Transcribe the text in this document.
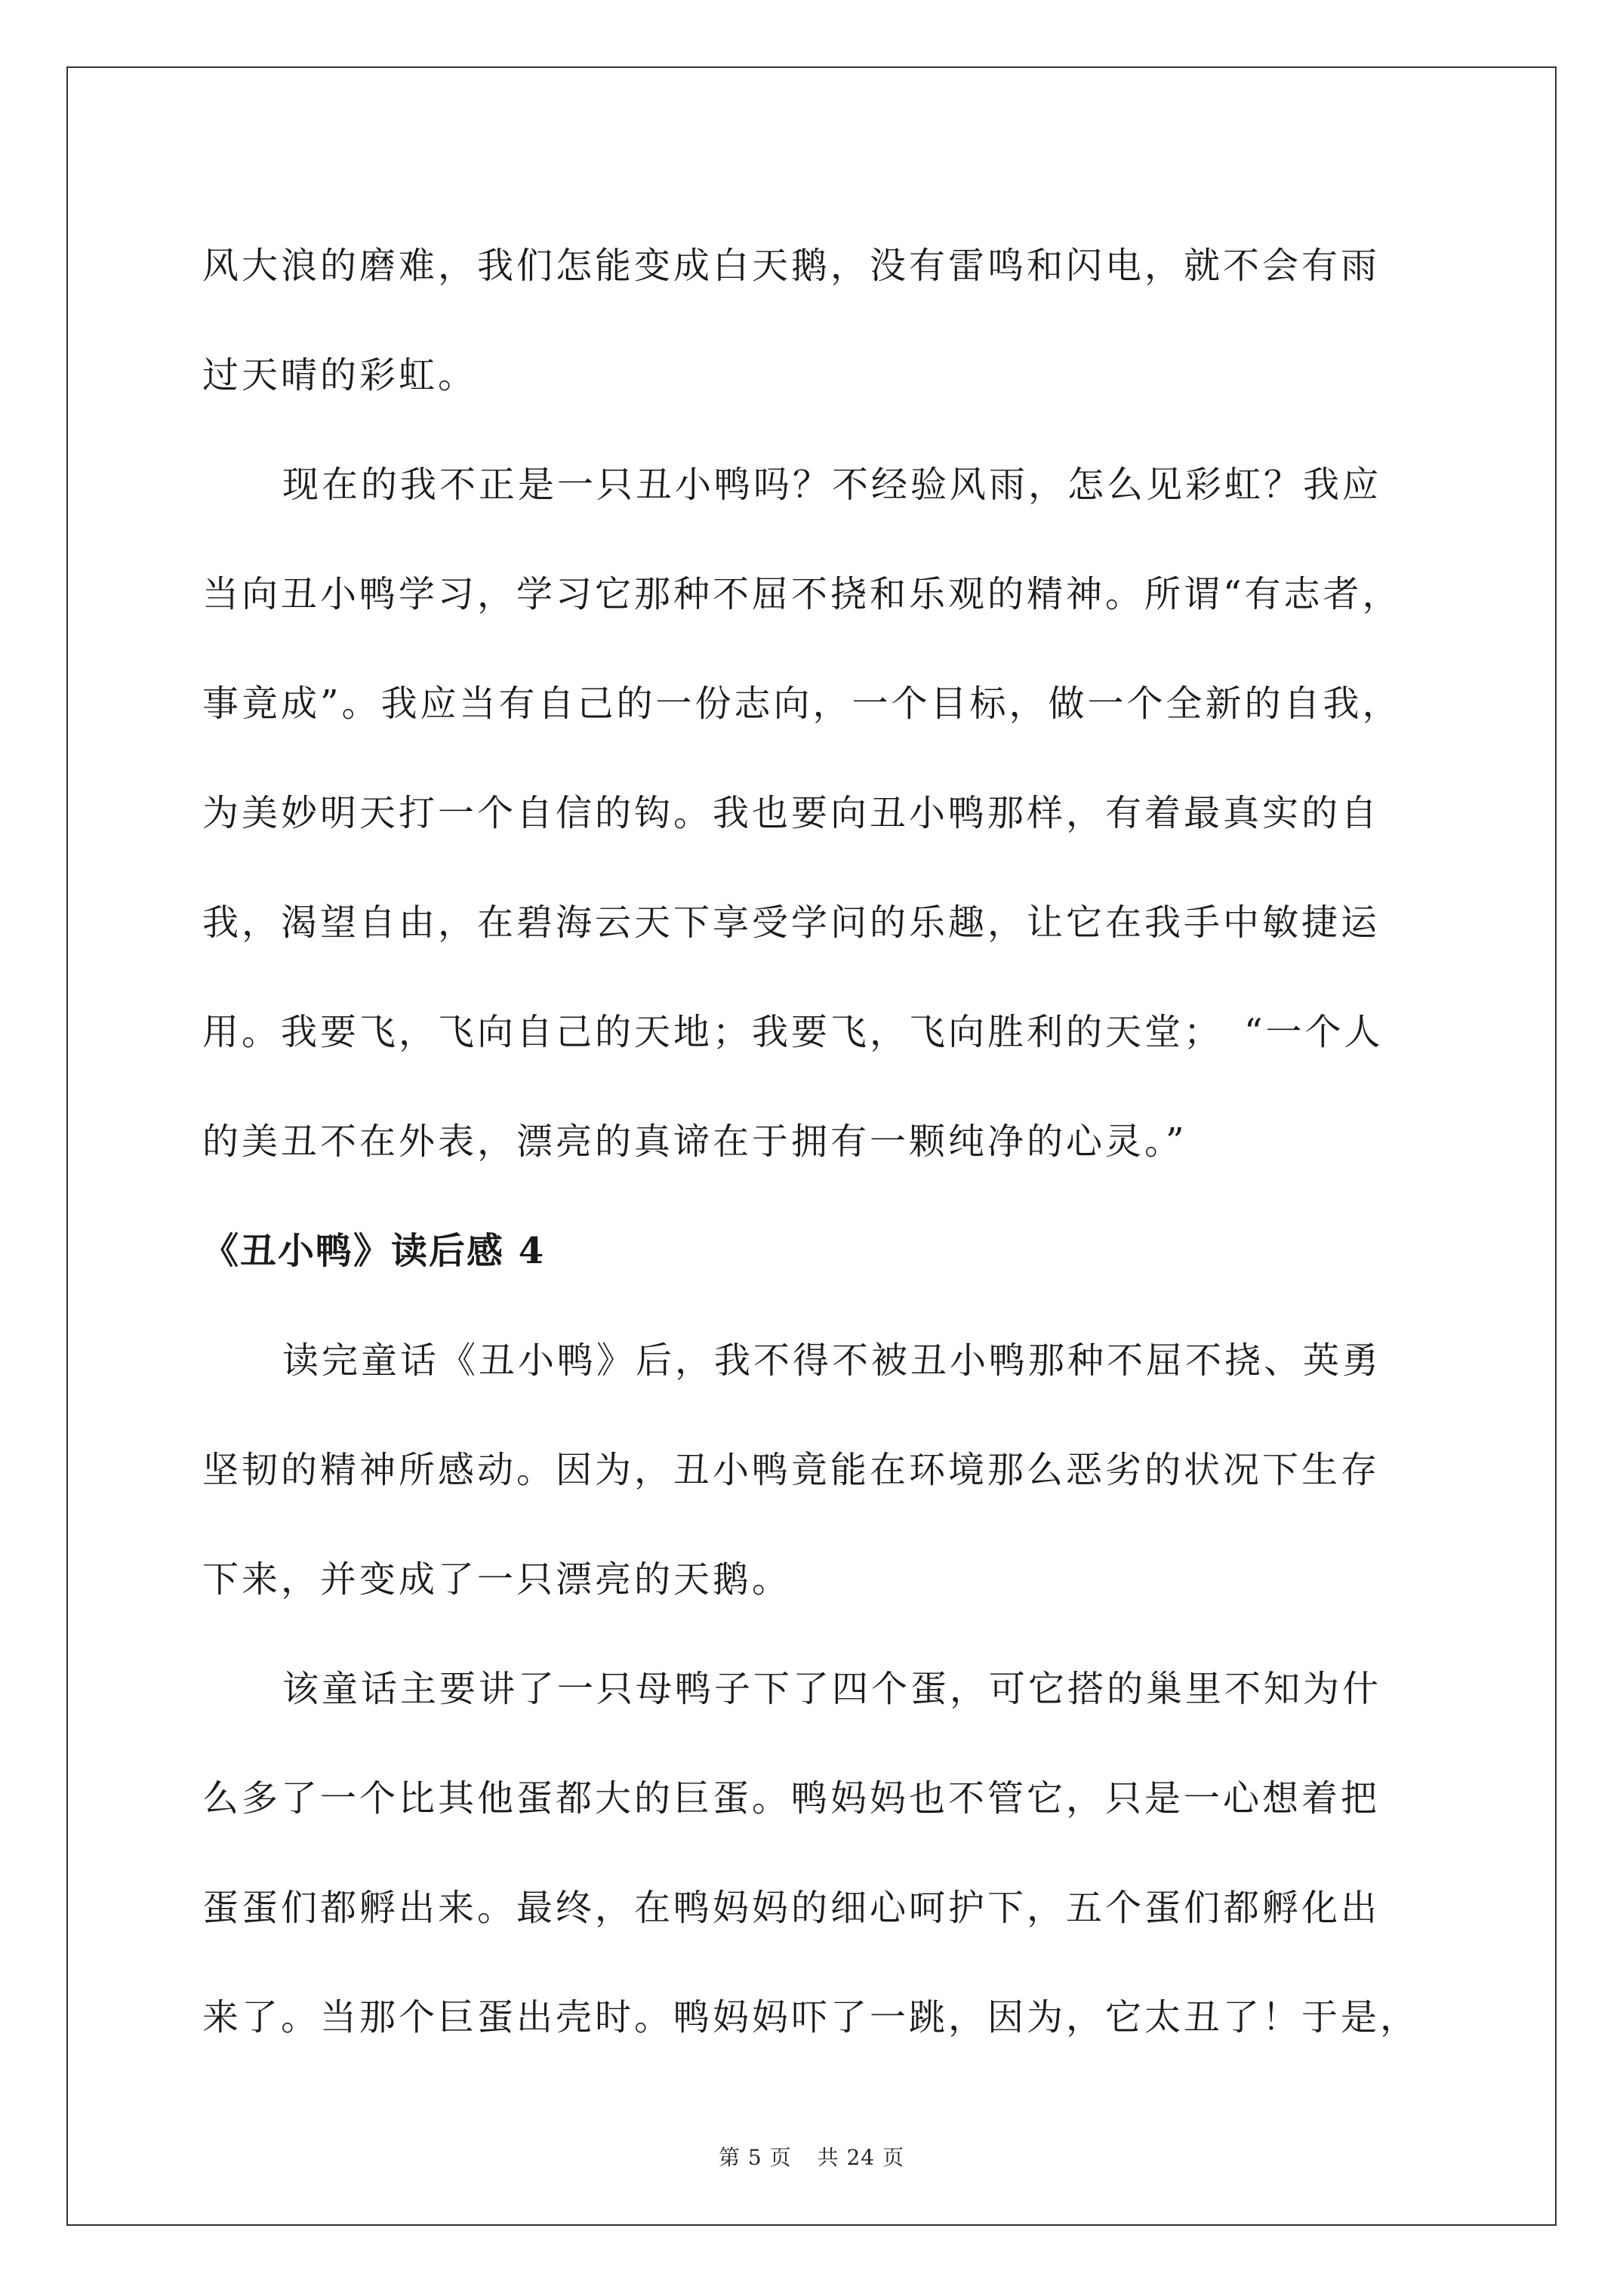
风大浪的磨难，我们怎能变成白天鹅，没有雷鸣和闪电，就不会有雨
过天晴的彩虹。

现在的我不正是一只丑小鸭吗？不经验风雨，怎么见彩虹？我应
当向丑小鸭学习，学习它那种不屈不挠和乐观的精神。所谓“有志者，
事竟成”。我应当有自己的一份志向，一个目标，做一个全新的自我，
为美妙明天打一个自信的钩。我也要向丑小鸭那样，有着最真实的自
我，渴望自由，在碧海云天下享受学问的乐趣，让它在我手中敏捷运
用。我要飞，飞向自己的天地；我要飞，飞向胜利的天堂；　“一个人
的美丑不在外表，漂亮的真谛在于拥有一颗纯净的心灵。”

《丑小鸭》读后感 4

读完童话《丑小鸭》后，我不得不被丑小鸭那种不屈不挠、英勇
坚韧的精神所感动。因为，丑小鸭竟能在环境那么恶劣的状况下生存
下来，并变成了一只漂亮的天鹅。

该童话主要讲了一只母鸭子下了四个蛋，可它搭的巢里不知为什
么多了一个比其他蛋都大的巨蛋。鸭妈妈也不管它，只是一心想着把
蛋蛋们都孵出来。最终，在鸭妈妈的细心呵护下，五个蛋们都孵化出
来了。当那个巨蛋出壳时。鸭妈妈吓了一跳，因为，它太丑了！于是，

第 5 页 共 24 页
